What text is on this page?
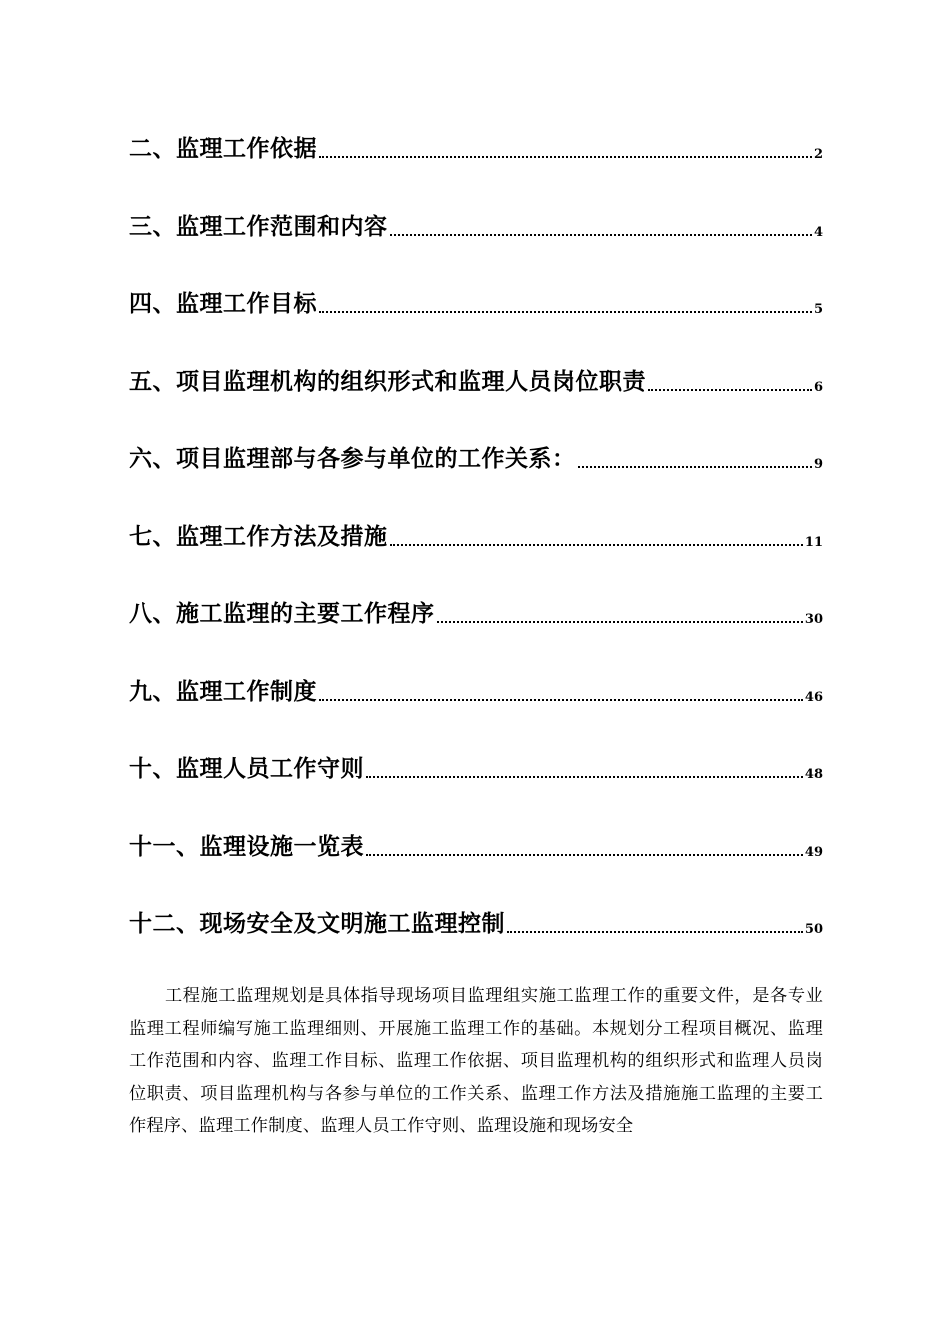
二、监理工作依据	2
三、监理工作范围和内容	4
四、监理工作目标	5
五、项目监理机构的组织形式和监理人员岗位职责	6
六、项目监理部与各参与单位的工作关系：	9
七、监理工作方法及措施	11
八、施工监理的主要工作程序	30
九、监理工作制度	46
十、监理人员工作守则	48
十一、监理设施一览表	49
十二、现场安全及文明施工监理控制	50

工程施工监理规划是具体指导现场项目监理组实施工监理工作的重要文件，是各专业监理工程师编写施工监理细则、开展施工监理工作的基础。本规划分工程项目概况、监理工作范围和内容、监理工作目标、监理工作依据、项目监理机构的组织形式和监理人员岗位职责、项目监理机构与各参与单位的工作关系、监理工作方法及措施施工监理的主要工作程序、监理工作制度、监理人员工作守则、监理设施和现场安全
